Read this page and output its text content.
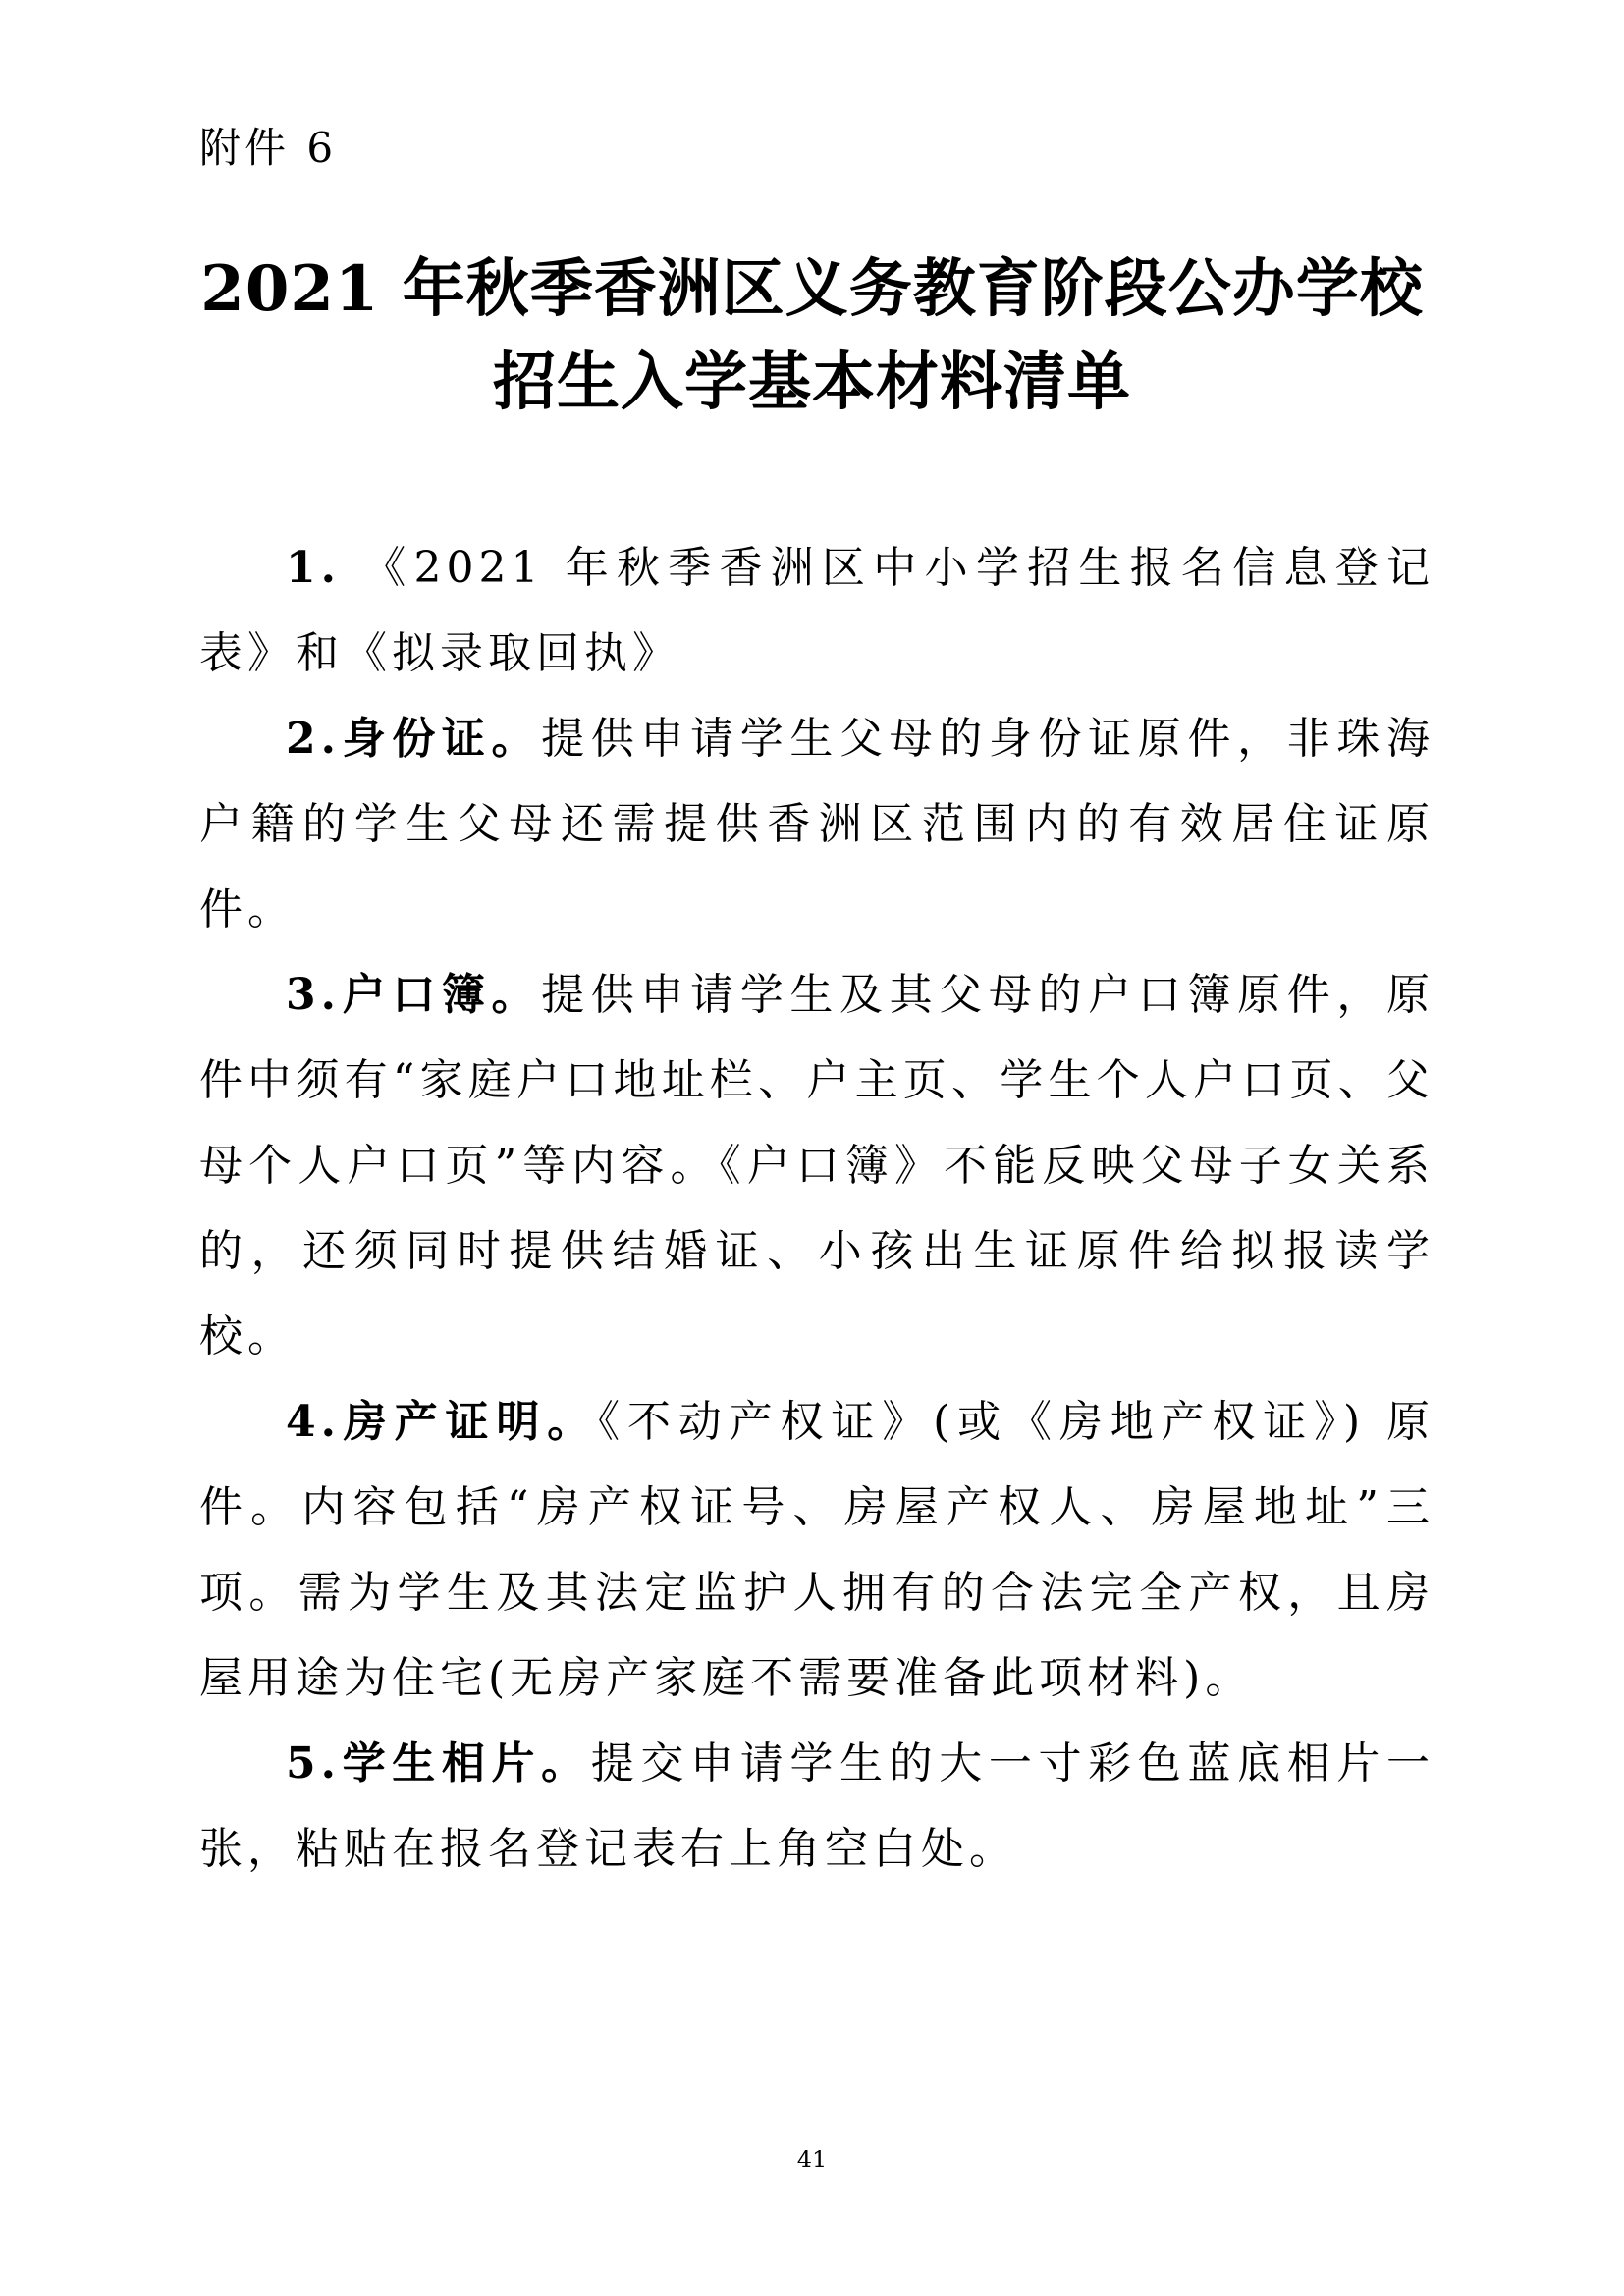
附件 6
2021 年秋季香洲区义务教育阶段公办学校
招生入学基本材料清单

1. 《2021 年秋季香洲区中小学招生报名信息登记表》和《拟录取回执》

2.身份证。提供申请学生父母的身份证原件，非珠海户籍的学生父母还需提供香洲区范围内的有效居住证原件。

3.户口簿。提供申请学生及其父母的户口簿原件，原件中须有“家庭户口地址栏、户主页、学生个人户口页、父母个人户口页”等内容。《户口簿》不能反映父母子女关系的，还须同时提供结婚证、小孩出生证原件给拟报读学校。

4.房产证明。《不动产权证》(或《房地产权证》) 原件。内容包括“房产权证号、房屋产权人、房屋地址”三项。需为学生及其法定监护人拥有的合法完全产权，且房屋用途为住宅(无房产家庭不需要准备此项材料)。

5.学生相片。提交申请学生的大一寸彩色蓝底相片一张，粘贴在报名登记表右上角空白处。

41
